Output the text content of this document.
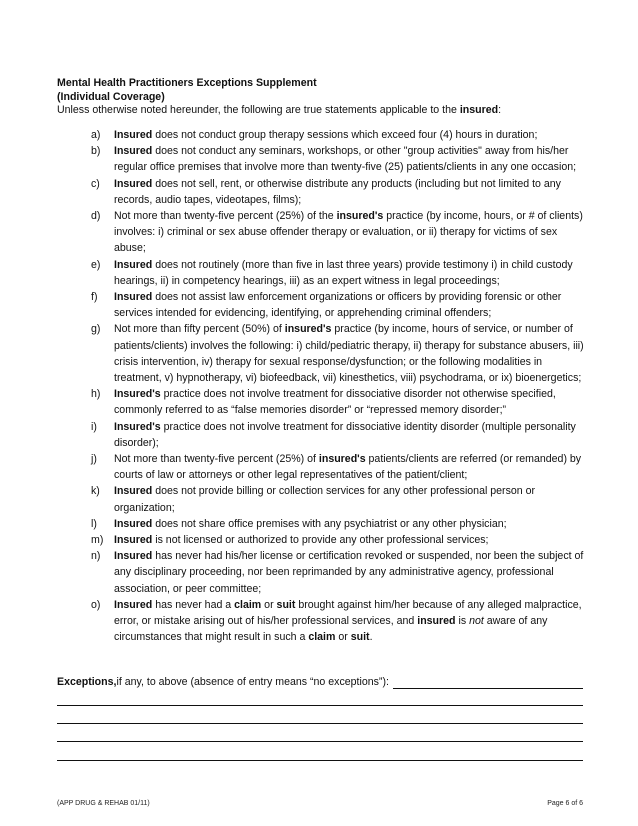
Mental Health Practitioners Exceptions Supplement
(Individual Coverage)
Unless otherwise noted hereunder, the following are true statements applicable to the insured:
a)	Insured does not conduct group therapy sessions which exceed four (4) hours in duration;
b)	Insured does not conduct any seminars, workshops, or other "group activities" away from his/her regular office premises that involve more than twenty-five (25) patients/clients in any one occasion;
c)	Insured does not sell, rent, or otherwise distribute any products (including but not limited to any records, audio tapes, videotapes, films);
d)	Not more than twenty-five percent (25%) of the insured's practice (by income, hours, or # of clients) involves: i) criminal or sex abuse offender therapy or evaluation, or ii) therapy for victims of sex abuse;
e)	Insured does not routinely (more than five in last three years) provide testimony i) in child custody hearings, ii) in competency hearings, iii) as an expert witness in legal proceedings;
f)	Insured does not assist law enforcement organizations or officers by providing forensic or other services intended for evidencing, identifying, or apprehending criminal offenders;
g)	Not more than fifty percent (50%) of insured's practice (by income, hours of service, or number of patients/clients) involves the following: i) child/pediatric therapy, ii) therapy for substance abusers, iii) crisis intervention, iv) therapy for sexual response/dysfunction; or the following modalities in treatment, v) hypnotherapy, vi) biofeedback, vii) kinesthetics, viii) psychodrama, or ix) bioenergetics;
h)	Insured's practice does not involve treatment for dissociative disorder not otherwise specified, commonly referred to as “false memories disorder” or “repressed memory disorder;”
i)	Insured's practice does not involve treatment for dissociative identity disorder (multiple personality disorder);
j)	Not more than twenty-five percent (25%) of insured's patients/clients are referred (or remanded) by courts of law or attorneys or other legal representatives of the patient/client;
k)	Insured does not provide billing or collection services for any other professional person or organization;
l)	Insured does not share office premises with any psychiatrist or any other physician;
m)	Insured is not licensed or authorized to provide any other professional services;
n)	Insured has never had his/her license or certification revoked or suspended, nor been the subject of any disciplinary proceeding, nor been reprimanded by any administrative agency, professional association, or peer committee;
o)	Insured has never had a claim or suit brought against him/her because of any alleged malpractice, error, or mistake arising out of his/her professional services, and insured is not aware of any circumstances that might result in such a claim or suit.
Exceptions, if any, to above (absence of entry means “no exceptions”):
(APP DRUG & REHAB 01/11)	Page 6 of 6
